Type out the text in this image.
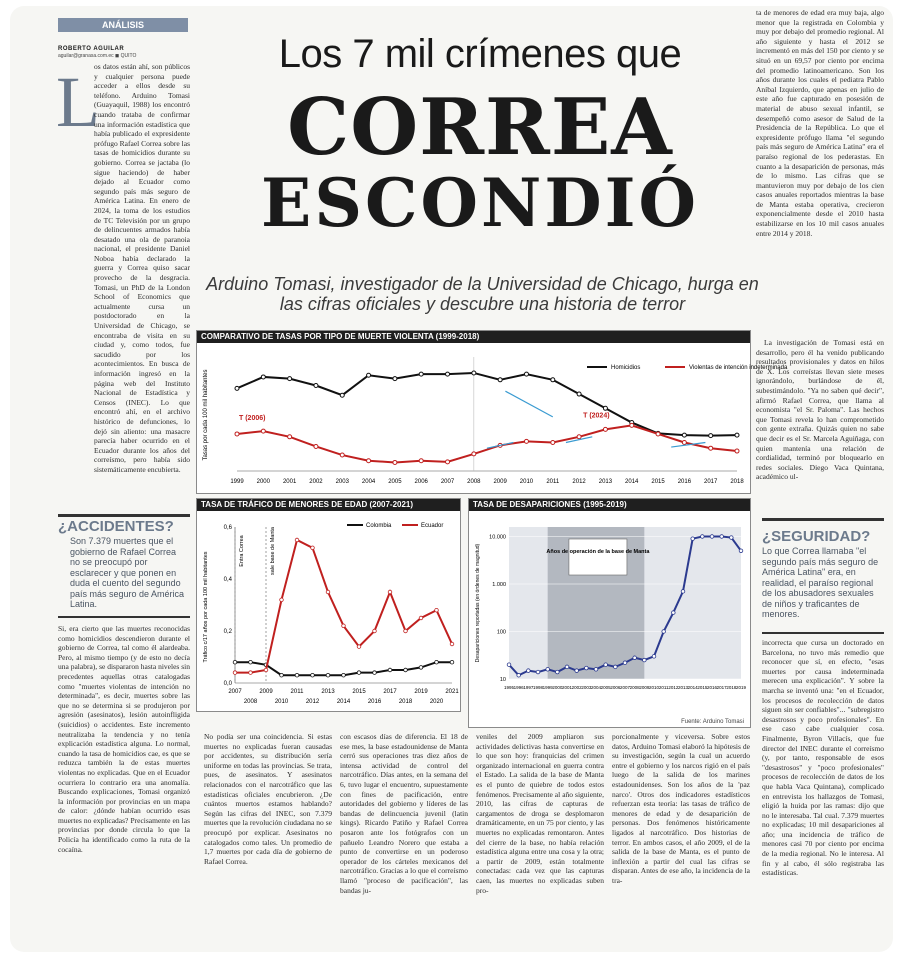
ANÁLISIS
ROBERTO AGUILAR
aguilar@granasa.com.ec ◼ QUITO
L

os datos están ahí, son públicos y cualquier persona puede acceder a ellos desde su teléfono. Arduino Tomasi (Guayaquil, 1988) los encontró cuando trataba de confirmar una información estadística que había publicado el expresidente prófugo Rafael Correa sobre las tasas de homicidios durante su gobierno. Correa se jactaba (lo sigue haciendo) de haber dejado al Ecuador como segundo país más seguro de América Latina. En enero de 2024, la toma de los estudios de TC Televisión por un grupo de delincuentes armados había desatado una ola de paranoia nacional, el presidente Daniel Noboa había declarado la guerra y Correa quiso sacar provecho de la desgracia. Tomasi, un PhD de la London School of Economics que actualmente cursa un postdoctorado en la Universidad de Chicago, se encontraba de visita en su ciudad y, como todos, fue sacudido por los acontecimientos. En busca de información ingresó en la página web del Instituto Nacional de Estadística y Censos (INEC). Lo que encontró ahí, en el archivo histórico de defunciones, lo dejó sin aliento: una masacre parecía haber ocurrido en el Ecuador durante los años del correísmo, pero había sido sistemáticamente encubierta.

¿ACCIDENTES?
Son 7.379 muertes que el gobierno de Rafael Correa no se preocupó por esclarecer y que ponen en duda el cuento del segundo país más seguro de América Latina.

Si, era cierto que las muertes reconocidas como homicidios descendieron durante el gobierno de Correa, tal como él alardeaba. Pero, al mismo tiempo (y de esto no decía una palabra), se dispararon hasta niveles sin precedentes aquellas otras catalogadas como "muertes violentas de intención no determinada", es decir, muertes sobre las que no se determina si se produjeron por agresión (asesinatos), lesión autoinfligida (suicidios) o accidentes. Este incremento neutralizaba la tendencia y no tenía explicación estadística alguna. Lo normal, cuando la tasa de homicidios cae, es que se reduzca también la de estas muertes violentas no explicadas. Que en el Ecuador ocurriera lo contrario era una anomalía. Buscando explicaciones, Tomasi organizó la información por provincias en un mapa de calor: ¿dónde habían ocurrido esas muertes no explicadas? Precisamente en las provincias por donde circula lo que la Policía ha identificado como la ruta de la cocaína.

Los 7 mil crímenes que
CORREA
ESCONDIÓ
Arduino Tomasi, investigador de la Universidad de Chicago, hurga en las cifras oficiales y descubre una historia de terror

ta de menores de edad era muy baja, algo menor que la registrada en Colombia y muy por debajo del promedio regional. Al año siguiente y hasta el 2012 se incrementó en más del 150 por ciento y se situó en un 69,57 por ciento por encima del promedio latinoamericano. Son los años durante los cuales el pediatra Pablo Aníbal Izquierdo, que apenas en julio de este año fue capturado en posesión de material de abuso sexual infantil, se desempeñó como asesor de Salud de la Presidencia de la República. Lo que el expresidente prófugo llama "el segundo país más seguro de América Latina" era el paraíso regional de los pederastas. En cuanto a la desaparición de personas, más de lo mismo. Las cifras que se mantuvieron muy por debajo de los cien casos anuales reportados mientras la base de Manta estaba operativa, crecieron exponencialmente desde el 2010 hasta estabilizarse en los 10 mil casos anuales entre 2014 y 2018.

La investigación de Tomasi está en desarrollo, pero él ha venido publicando resultados provisionales y datos en hilos de X. Los correístas llevan siete meses ignorándolo, burlándose de él, subestimándolo. "Ya no saben qué decir", afirmó Rafael Correa, que llama al economista "el Sr. Paloma". Las hechos que Tomasi revela lo han comprometido con gente extraña. Quizás quien no sabe que decir es el Sr. Marcela Aguiñaga, con quien mantenía una relación de cordialidad, terminó por bloquearlo en redes sociales. Diego Vaca Quintana, académico ul-

¿SEGURIDAD?
Lo que Correa llamaba "el segundo país más seguro de América Latina" era, en realidad, el paraíso regional de los abusadores sexuales de niños y traficantes de menores.

incorrecta que cursa un doctorado en Barcelona, no tuvo más remedio que reconocer que sí, en efecto, "esas muertes por causa indeterminada merecen una explicación". Y sobre la marcha se inventó una: "en el Ecuador, los procesos de recolección de datos siguen sin ser confiables"... "subregistro desastrosos y poco profesionales". En ese caso cabe cualquier cosa. Finalmente, Byron Villacís, que fue director del INEC durante el correísmo (y, por tanto, responsable de esos "desastrosos" y "poco profesionales" procesos de recolección de datos de los que habla Vaca Quintana), complicado en entrevista los hallazgos de Tomasi, eligió la huida por las ramas: dijo que no le interesaba. Tal cual. 7.379 muertes no explicadas; 10 mil desapariciones al año; una incidencia de tráfico de menores casi 70 por ciento por encima de la media regional. No le interesa. Al fin y al cabo, él sólo registraba las estadísticas.

COMPARATIVO DE TASAS POR TIPO DE MUERTE VIOLENTA (1999-2018)
Tasas por cada 100 mil habitantes
1999 2000 2001 2002 2003 2004 2005 2006 2007 2008 2009 2010 2011 2012 2013 2014 2015 2016 2017 2018
Homicidios	Violentas de intención indeterminada
T (2006)	T (2024)
TASA DE TRÁFICO DE MENORES DE EDAD (2007-2021)
Tráfico c/17 años por cada 100 mil habitantes
0,6
0,4
0,2
0,0
2007	2009	2011	2013	2015	2017	2019	2021
2008	2010	2012	2014	2016	2018	2020
Entra Correa	sale base de Manta
Colombia	Ecuador
TASA DE DESAPARICIONES (1995-2019)
Años de operación de la base de Manta
10
100
1.000
10.000
Desapariciones reportadas (en órdenes de magnitud)
1995 1996 1997 1998 1999 2000 2001 2002 2003 2004 2005 2006 2007 2008 2009 2010 2011 2012 2013 2014 2015 2016 2017 2018 2019
Fuente: Arduino Tomasi

No podía ser una coincidencia. Si estas muertes no explicadas fueran causadas por accidentes, su distribución sería uniforme en todas las provincias. Se trata, pues, de asesinatos. Y asesinatos relacionados con el narcotráfico que las estadísticas oficiales encubrieron. ¿De cuántos muertos estamos hablando? Según las cifras del INEC, son 7.379 muertes que la revolución ciudadana no se preocupó por explicar. Asesinatos no catalogados como tales. Un promedio de 1,7 muertes por cada día de gobierno de Rafael Correa.

con escasos días de diferencia. El 18 de ese mes, la base estadounidense de Manta cerró sus operaciones tras diez años de intensa actividad de control del narcotráfico. Días antes, en la semana del 6, tuvo lugar el encuentro, supuestamente con fines de pacificación, entre autoridades del gobierno y líderes de las bandas de delincuencia juvenil (latin kings). Ricardo Patiño y Rafael Correa posaron ante los fotógrafos con un pañuelo Leandro Norero que estaba a punto de convertirse en un poderoso operador de los cárteles mexicanos del narcotráfico. Gracias a lo que el correísmo llamó "proceso de pacificación", las bandas ju-

veniles del 2009 ampliaron sus actividades delictivas hasta convertirse en lo que son hoy: franquicias del crimen organizado internacional en guerra contra el Estado. La salida de la base de Manta es el punto de quiebre de todos estos fenómenos. Precisamente al año siguiente, 2010, las cifras de capturas de cargamentos de droga se desplomaron dramáticamente, en un 75 por ciento, y las muertes no explicadas remontaron. Antes del cierre de la base, no había relación estadística alguna entre una cosa y la otra; a partir de 2009, están totalmente conectadas: cada vez que las capturas caen, las muertes no explicadas suben pro-

porcionalmente y viceversa. Sobre estos datos, Arduino Tomasi elaboró la hipótesis de su investigación, según la cual un acuerdo entre el gobierno y los narcos rigió en el país luego de la salida de los marines estadounidenses. Son los años de la 'paz narco'. Otros dos indicadores estadísticos refuerzan esta teoría: las tasas de tráfico de menores de edad y de desaparición de personas. Dos fenómenos históricamente ligados al narcotráfico. Dos historias de terror. En ambos casos, el año 2009, el de la salida de la base de Manta, es el punto de inflexión a partir del cual las cifras se disparan. Antes de ese año, la incidencia de la tra-
